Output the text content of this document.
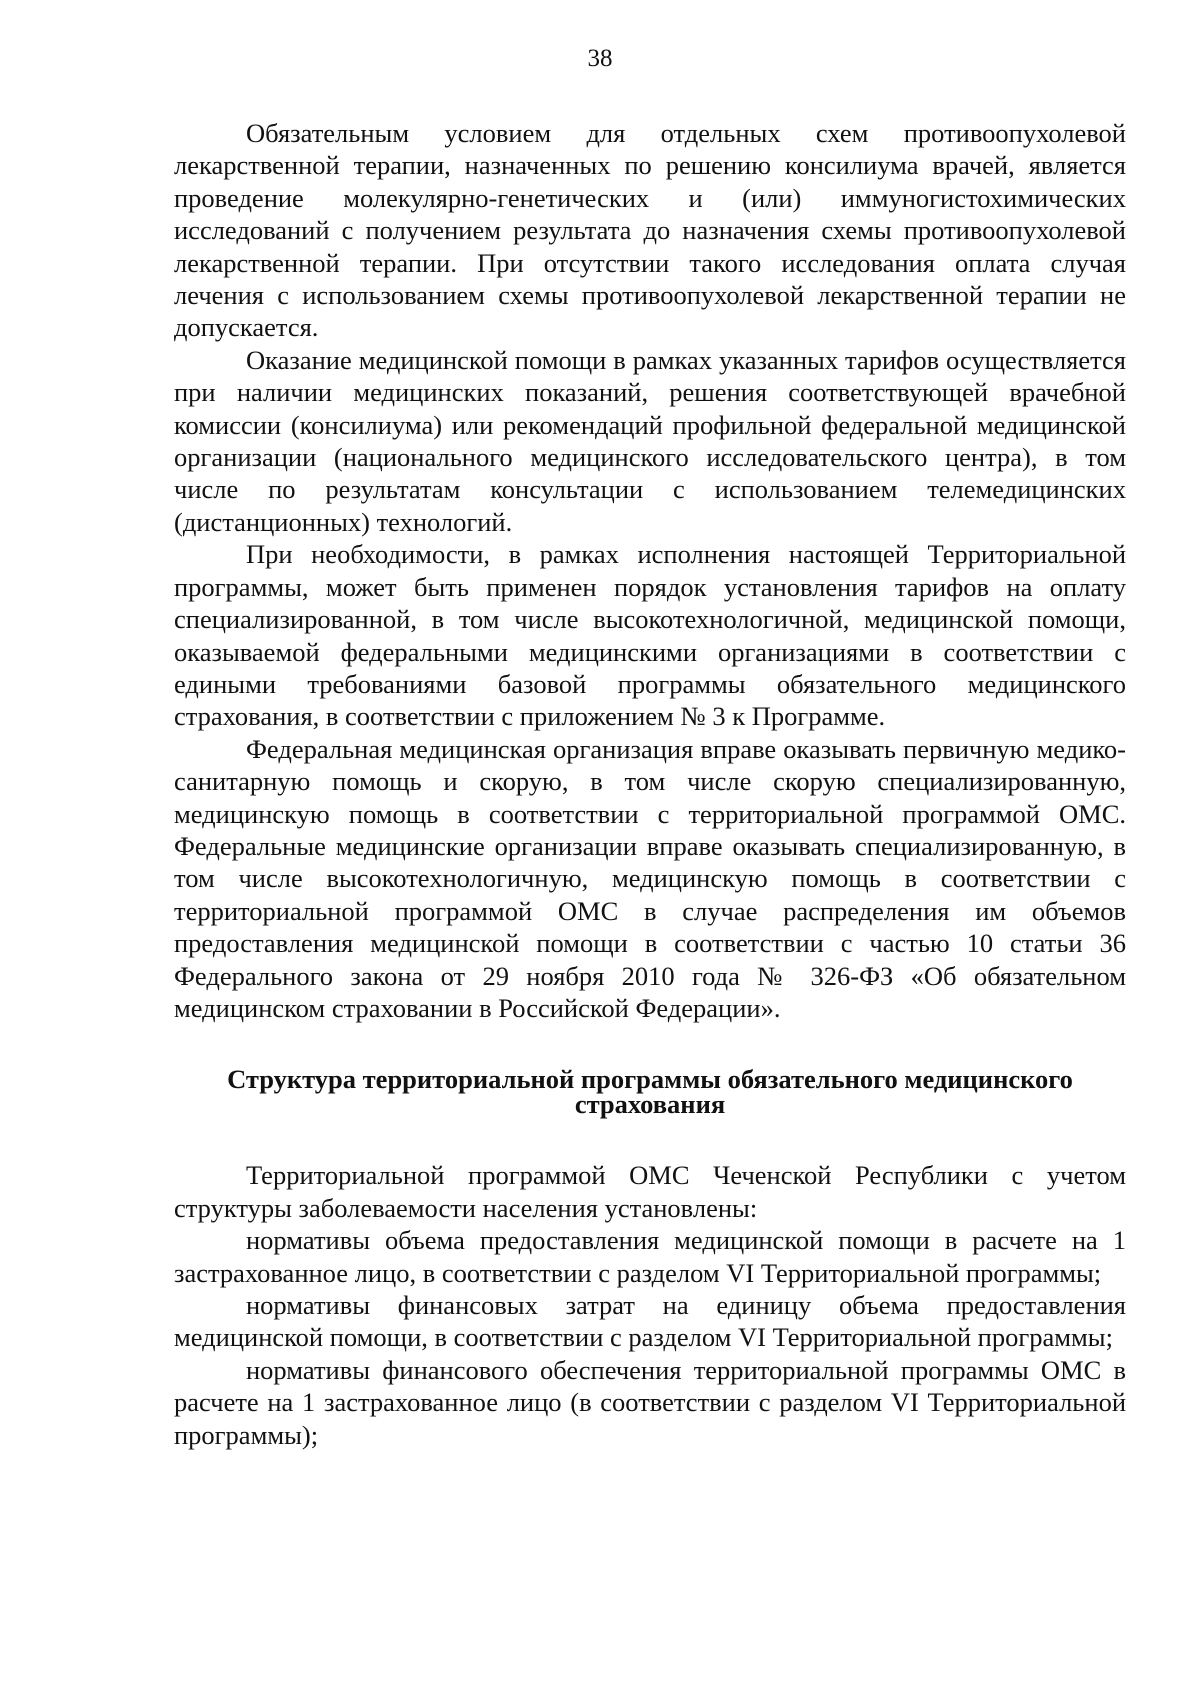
38

Обязательным условием для отдельных схем противоопухолевой лекарственной терапии, назначенных по решению консилиума врачей, является проведение молекулярно-генетических и (или) иммуногистохимических исследований с получением результата до назначения схемы противоопухолевой лекарственной терапии. При отсутствии такого исследования оплата случая лечения с использованием схемы противоопухолевой лекарственной терапии не допускается.

Оказание медицинской помощи в рамках указанных тарифов осуществляется при наличии медицинских показаний, решения соответствующей врачебной комиссии (консилиума) или рекомендаций профильной федеральной медицинской организации (национального медицинского исследовательского центра), в том числе по результатам консультации с использованием телемедицинских (дистанционных) технологий.

При необходимости, в рамках исполнения настоящей Территориальной программы, может быть применен порядок установления тарифов на оплату специализированной, в том числе высокотехнологичной, медицинской помощи, оказываемой федеральными медицинскими организациями в соответствии с едиными требованиями базовой программы обязательного медицинского страхования, в соответствии с приложением № 3 к Программе.

Федеральная медицинская организация вправе оказывать первичную медико-санитарную помощь и скорую, в том числе скорую специализированную, медицинскую помощь в соответствии с территориальной программой ОМС. Федеральные медицинские организации вправе оказывать специализированную, в том числе высокотехнологичную, медицинскую помощь в соответствии с территориальной программой ОМС в случае распределения им объемов предоставления медицинской помощи в соответствии с частью 10 статьи 36 Федерального закона от 29 ноября 2010 года № 326-ФЗ «Об обязательном медицинском страховании в Российской Федерации».

Структура территориальной программы обязательного медицинского
страхования

Территориальной программой ОМС Чеченской Республики с учетом структуры заболеваемости населения установлены:

нормативы объема предоставления медицинской помощи в расчете на 1 застрахованное лицо, в соответствии с разделом VI Территориальной программы;

нормативы финансовых затрат на единицу объема предоставления медицинской помощи, в соответствии с разделом VI Территориальной программы;

нормативы финансового обеспечения территориальной программы ОМС в расчете на 1 застрахованное лицо (в соответствии с разделом VI Территориальной программы);
